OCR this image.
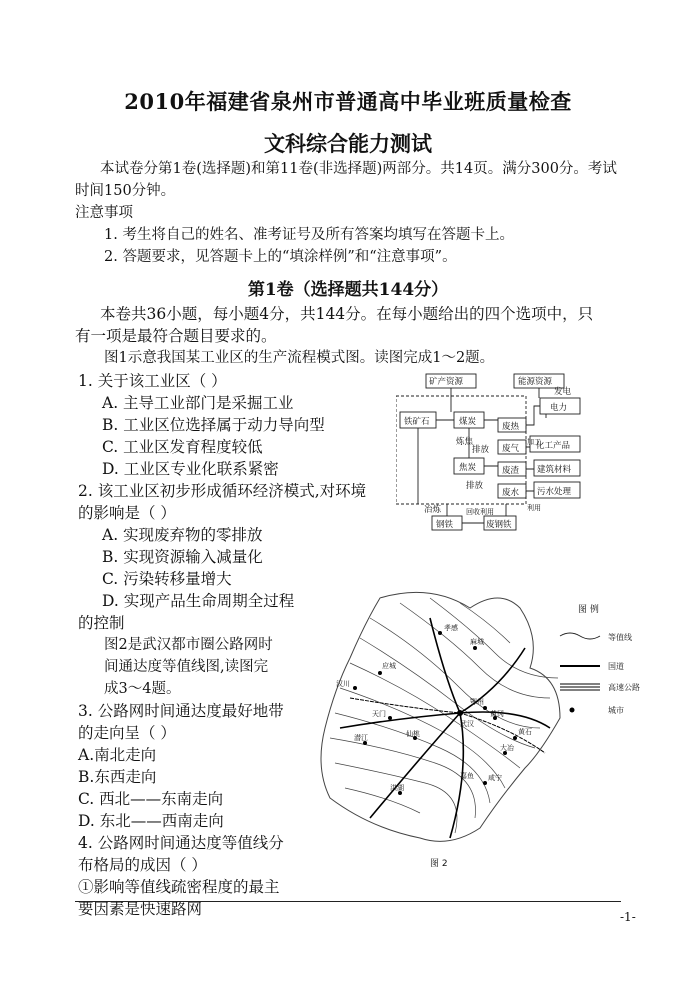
2010年福建省泉州市普通高中毕业班质量检查
文科综合能力测试
本试卷分第1卷(选择题)和第11卷(非选择题)两部分。共14页。满分300分。考试
时间150分钟。
注意事项
1. 考生将自己的姓名、准考证号及所有答案均填写在答题卡上。
2. 答题要求，见答题卡上的“填涂样例”和“注意事项”。
第1卷（选择题共144分）
本卷共36小题，每小题4分，共144分。在每小题给出的四个选项中，只
有一项是最符合题目要求的。
图1示意我国某工业区的生产流程模式图。读图完成1～2题。
1. 关于该工业区（ ）
A. 主导工业部门是采掘工业
B. 工业区位选择属于动力导向型
C. 工业区发育程度较低
D. 工业区专业化联系紧密
2. 该工业区初步形成循环经济模式,对环境
的影响是（ ）
A. 实现废弃物的零排放
B. 实现资源输入减量化
C. 污染转移量增大
D. 实现产品生命周期全过程
的控制
图2是武汉都市圈公路网时
间通达度等值线图,读图完
成3～4题。
3. 公路网时间通达度最好地带
的走向呈（ ）
A.南北走向
B.东西走向
C. 西北——东南走向
D. 东北——西南走向
4. 公路网时间通达度等值线分
布格局的成因（ ）
①影响等值线疏密程度的最主
要因素是快速路网
矿产资源	能源资源
电力
发电
铁矿石	煤炭
炼焦
焦炭
废热
废气
废渣
废水
化工产品
建筑材料
污水处理
排放
排放
加工
利用
冶炼	回收利用
钢铁	废钢铁
图 例
等值线
国道
高速公路
城市
图 2
孝感
应城
汉川
天门
潜江	仙桃
洪湖
嘉鱼 咸宁
黄石
大冶
黄冈
鄂州
麻城
武汉
-1-
